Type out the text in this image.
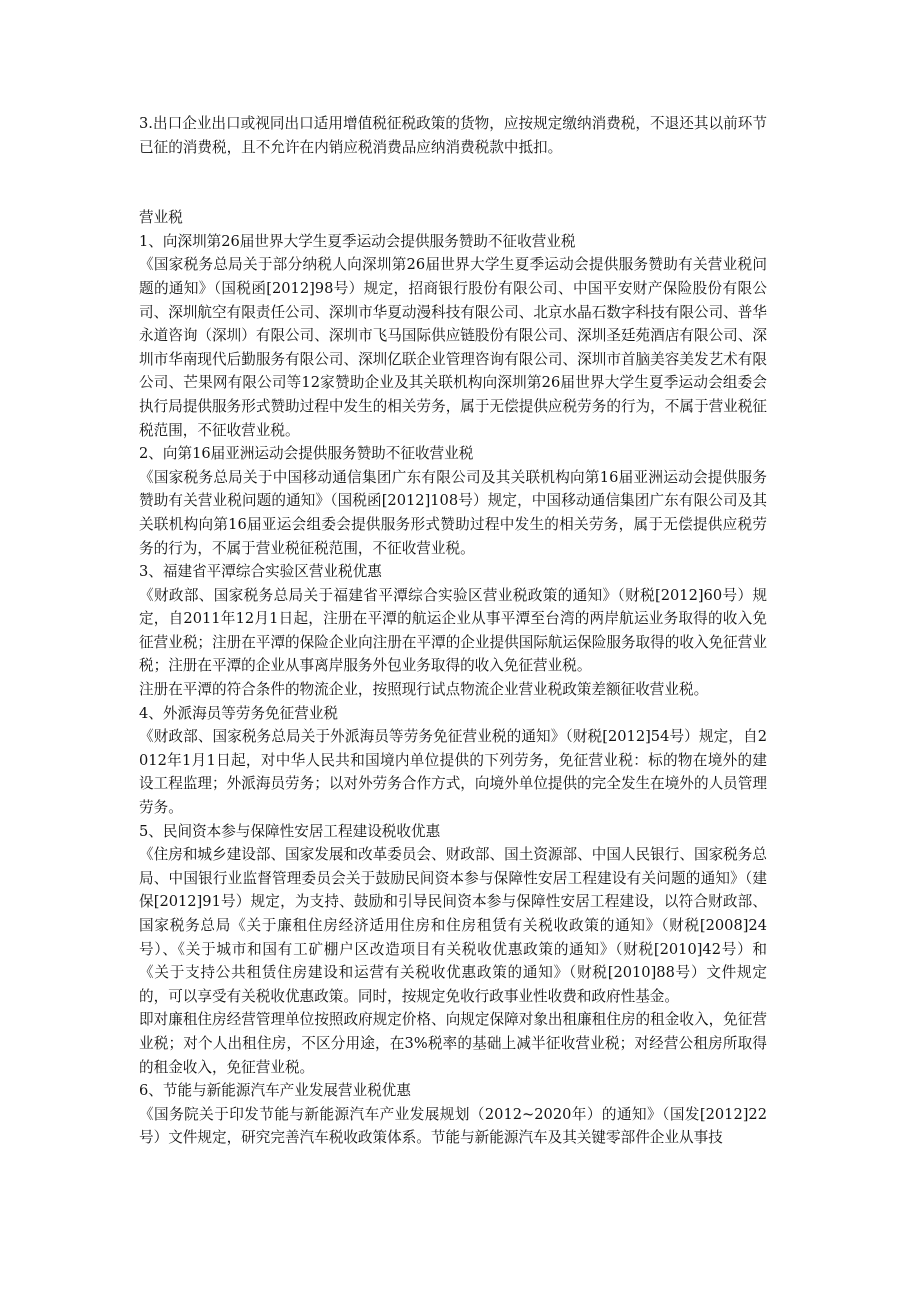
3.出口企业出口或视同出口适用增值税征税政策的货物，应按规定缴纳消费税，不退还其以前环节已征的消费税，且不允许在内销应税消费品应纳消费税款中抵扣。

营业税

1、向深圳第26届世界大学生夏季运动会提供服务赞助不征收营业税

《国家税务总局关于部分纳税人向深圳第26届世界大学生夏季运动会提供服务赞助有关营业税问题的通知》（国税函[2012]98号）规定，招商银行股份有限公司、中国平安财产保险股份有限公司、深圳航空有限责任公司、深圳市华夏动漫科技有限公司、北京水晶石数字科技有限公司、普华永道咨询（深圳）有限公司、深圳市飞马国际供应链股份有限公司、深圳圣廷苑酒店有限公司、深圳市华南现代后勤服务有限公司、深圳亿联企业管理咨询有限公司、深圳市首脑美容美发艺术有限公司、芒果网有限公司等12家赞助企业及其关联机构向深圳第26届世界大学生夏季运动会组委会执行局提供服务形式赞助过程中发生的相关劳务，属于无偿提供应税劳务的行为，不属于营业税征税范围，不征收营业税。

2、向第16届亚洲运动会提供服务赞助不征收营业税

《国家税务总局关于中国移动通信集团广东有限公司及其关联机构向第16届亚洲运动会提供服务赞助有关营业税问题的通知》（国税函[2012]108号）规定，中国移动通信集团广东有限公司及其关联机构向第16届亚运会组委会提供服务形式赞助过程中发生的相关劳务，属于无偿提供应税劳务的行为，不属于营业税征税范围，不征收营业税。

3、福建省平潭综合实验区营业税优惠

《财政部、国家税务总局关于福建省平潭综合实验区营业税政策的通知》（财税[2012]60号）规定，自2011年12月1日起，注册在平潭的航运企业从事平潭至台湾的两岸航运业务取得的收入免征营业税；注册在平潭的保险企业向注册在平潭的企业提供国际航运保险服务取得的收入免征营业税；注册在平潭的企业从事离岸服务外包业务取得的收入免征营业税。

注册在平潭的符合条件的物流企业，按照现行试点物流企业营业税政策差额征收营业税。

4、外派海员等劳务免征营业税

《财政部、国家税务总局关于外派海员等劳务免征营业税的通知》（财税[2012]54号）规定，自2012年1月1日起，对中华人民共和国境内单位提供的下列劳务，免征营业税：标的物在境外的建设工程监理；外派海员劳务；以对外劳务合作方式，向境外单位提供的完全发生在境外的人员管理劳务。

5、民间资本参与保障性安居工程建设税收优惠

《住房和城乡建设部、国家发展和改革委员会、财政部、国土资源部、中国人民银行、国家税务总局、中国银行业监督管理委员会关于鼓励民间资本参与保障性安居工程建设有关问题的通知》（建保[2012]91号）规定，为支持、鼓励和引导民间资本参与保障性安居工程建设，以符合财政部、国家税务总局《关于廉租住房经济适用住房和住房租赁有关税收政策的通知》（财税[2008]24号）、《关于城市和国有工矿棚户区改造项目有关税收优惠政策的通知》（财税[2010]42号）和《关于支持公共租赁住房建设和运营有关税收优惠政策的通知》（财税[2010]88号）文件规定的，可以享受有关税收优惠政策。同时，按规定免收行政事业性收费和政府性基金。

即对廉租住房经营管理单位按照政府规定价格、向规定保障对象出租廉租住房的租金收入，免征营业税；对个人出租住房，不区分用途，在3%税率的基础上减半征收营业税；对经营公租房所取得的租金收入，免征营业税。

6、节能与新能源汽车产业发展营业税优惠

《国务院关于印发节能与新能源汽车产业发展规划（2012~2020年）的通知》（国发[2012]22号）文件规定，研究完善汽车税收政策体系。节能与新能源汽车及其关键零部件企业从事技
